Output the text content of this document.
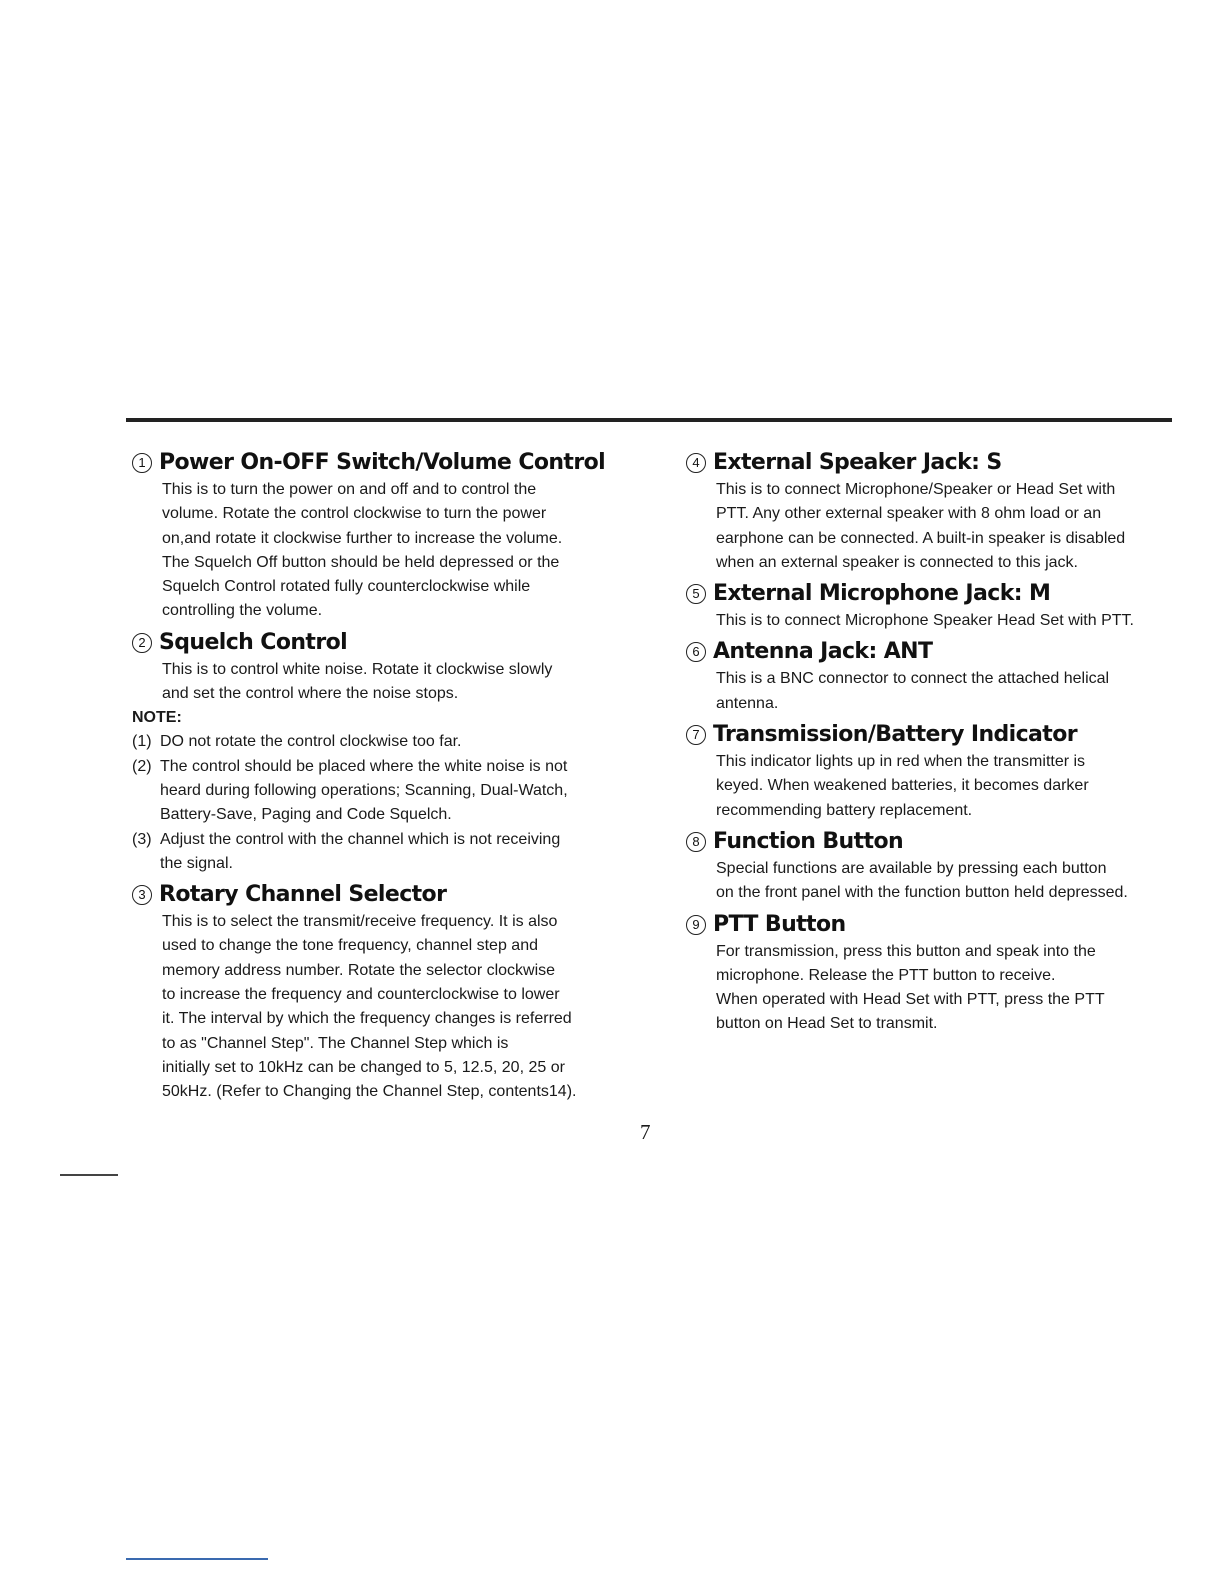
1 Power On-OFF Switch/Volume Control
This is to turn the power on and off and to control the
volume. Rotate the control clockwise to turn the power
on,and rotate it clockwise further to increase the volume.
The Squelch Off button should be held depressed or the
Squelch Control rotated fully counterclockwise while
controlling the volume.
2 Squelch Control
This is to control white noise. Rotate it clockwise slowly
and set the control where the noise stops.
NOTE:
(1) DO not rotate the control clockwise too far.
(2) The control should be placed where the white noise is not
heard during following operations; Scanning, Dual-Watch,
Battery-Save, Paging and Code Squelch.
(3) Adjust the control with the channel which is not receiving
the signal.
3 Rotary Channel Selector
This is to select the transmit/receive frequency. It is also
used to change the tone frequency, channel step and
memory address number. Rotate the selector clockwise
to increase the frequency and counterclockwise to lower
it. The interval by which the frequency changes is referred
to as "Channel Step". The Channel Step which is
initially set to 10kHz can be changed to 5, 12.5, 20, 25 or
50kHz. (Refer to Changing the Channel Step, contents14).
4 External Speaker Jack: S
This is to connect Microphone/Speaker or Head Set with
PTT. Any other external speaker with 8 ohm load or an
earphone can be connected. A built-in speaker is disabled
when an external speaker is connected to this jack.
5 External Microphone Jack: M
This is to connect Microphone Speaker Head Set with PTT.
6 Antenna Jack: ANT
This is a BNC connector to connect the attached helical
antenna.
7 Transmission/Battery Indicator
This indicator lights up in red when the transmitter is
keyed. When weakened batteries, it becomes darker
recommending battery replacement.
8 Function Button
Special functions are available by pressing each button
on the front panel with the function button held depressed.
9 PTT Button
For transmission, press this button and speak into the
microphone. Release the PTT button to receive.
When operated with Head Set with PTT, press the PTT
button on Head Set to transmit.
7
